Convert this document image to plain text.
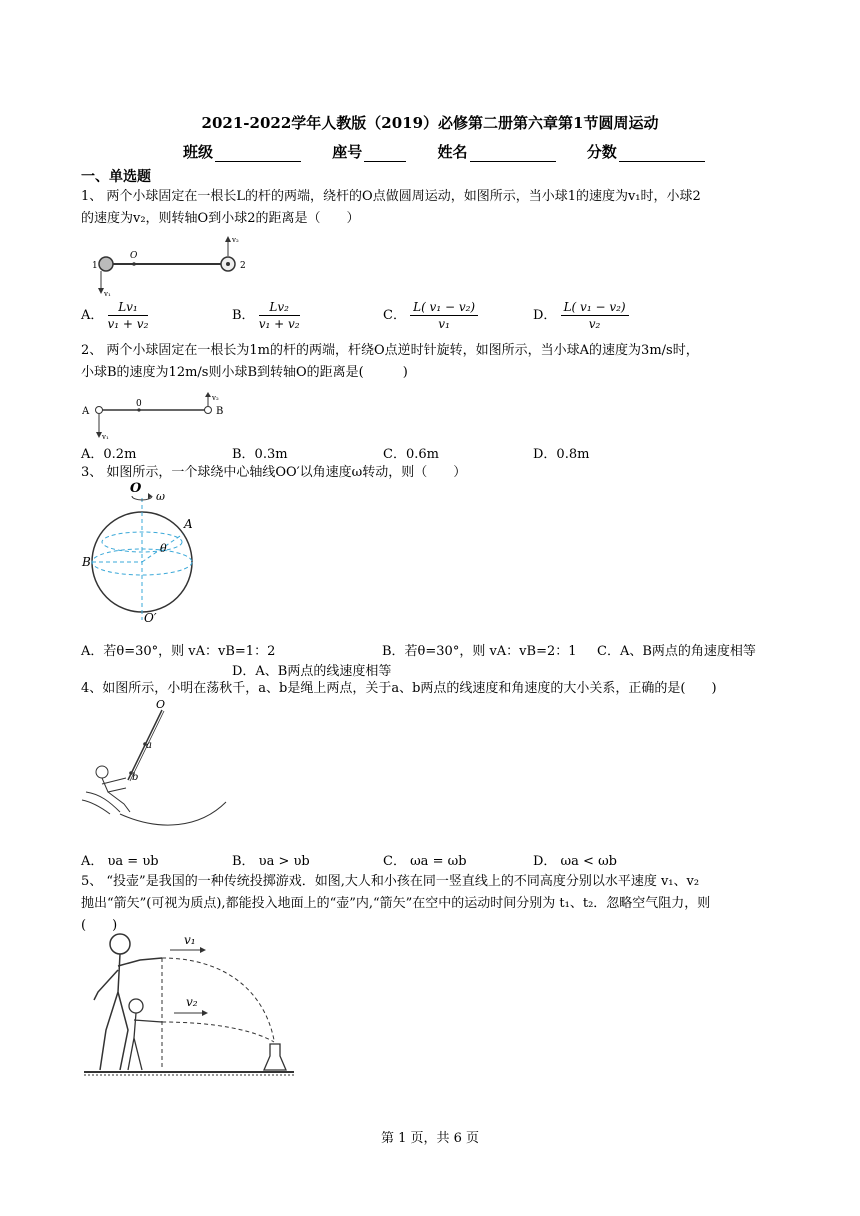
2021-2022学年人教版（2019）必修第二册第六章第1节圆周运动
班级	座号	姓名	分数
一、单选题
1、 两个小球固定在一根长L的杆的两端，绕杆的O点做圆周运动，如图所示，当小球1的速度为v₁时，小球2
的速度为v₂，则转轴O到小球2的距离是（　　）
1	2
O
v₁
v₂
A． $\frac{\text{Lv₁}}{\text{v₁ + v₂}}$	B． $\frac{\text{Lv₂}}{\text{v₁ + v₂}}$	C． $\frac{\text{L( v₁ − v₂)}}{\text{v₁}}$	D． $\frac{\text{L( v₁ − v₂)}}{\text{v₂}}$
2、 两个小球固定在一根长为1m的杆的两端，杆绕O点逆时针旋转，如图所示，当小球A的速度为3m/s时，
小球B的速度为12m/s则小球B到转轴O的距离是(　　　)
A
0
B
v₁
v₂
A．0.2m	B．0.3m	C．0.6m	D．0.8m
3、 如图所示，一个球绕中心轴线OO′以角速度ω转动，则（　　）
O
ω
A
B
θ
O′
A．若θ=30°，则 vA：vB=1：2	B．若θ=30°，则 vA：vB=2：1 C．A、B两点的角速度相等
D．A、B两点的线速度相等
4、如图所示，小明在荡秋千，a、b是绳上两点，关于a、b两点的线速度和角速度的大小关系，正确的是(　　)
O
a
b
A． υa = υb	B． υa > υb	C． ωa = ωb	D． ωa < ωb
5、 “投壶”是我国的一种传统投掷游戏．如图,大人和小孩在同一竖直线上的不同高度分别以水平速度 v₁、v₂
抛出“箭矢”(可视为质点),都能投入地面上的“壶”内,“箭矢”在空中的运动时间分别为 t₁、t₂．忽略空气阻力，则
(　　)
v₁
v₂
第 1 页，共 6 页
